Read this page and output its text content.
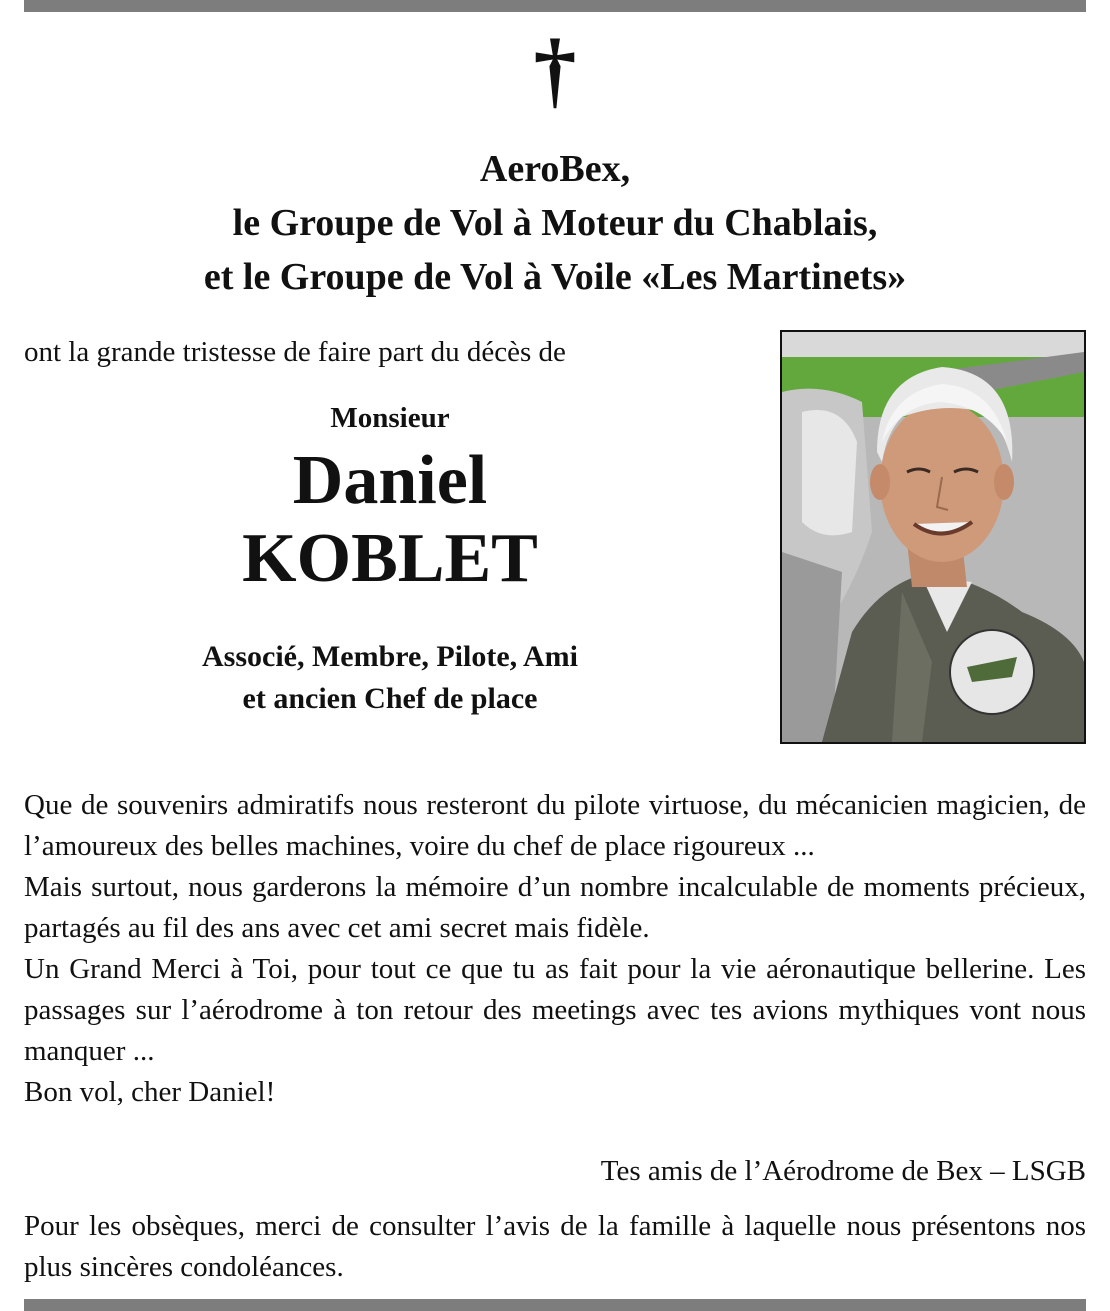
†
AeroBex,
le Groupe de Vol à Moteur du Chablais,
et le Groupe de Vol à Voile «Les Martinets»
ont la grande tristesse de faire part du décès de
Monsieur
Daniel
KOBLET
Associé, Membre, Pilote, Ami
et ancien Chef de place

Que de souvenirs admiratifs nous resteront du pilote virtuose, du mécanicien magicien, de l’amoureux des belles machines, voire du chef de place rigoureux ...

Mais surtout, nous garderons la mémoire d’un nombre incalculable de moments précieux, partagés au fil des ans avec cet ami secret mais fidèle.

Un Grand Merci à Toi, pour tout ce que tu as fait pour la vie aéronautique bellerine. Les passages sur l’aérodrome à ton retour des meetings avec tes avions mythiques vont nous manquer ...

Bon vol, cher Daniel!

Tes amis de l’Aérodrome de Bex – LSGB
Pour les obsèques, merci de consulter l’avis de la famille à laquelle nous présentons nos plus sincères condoléances.
